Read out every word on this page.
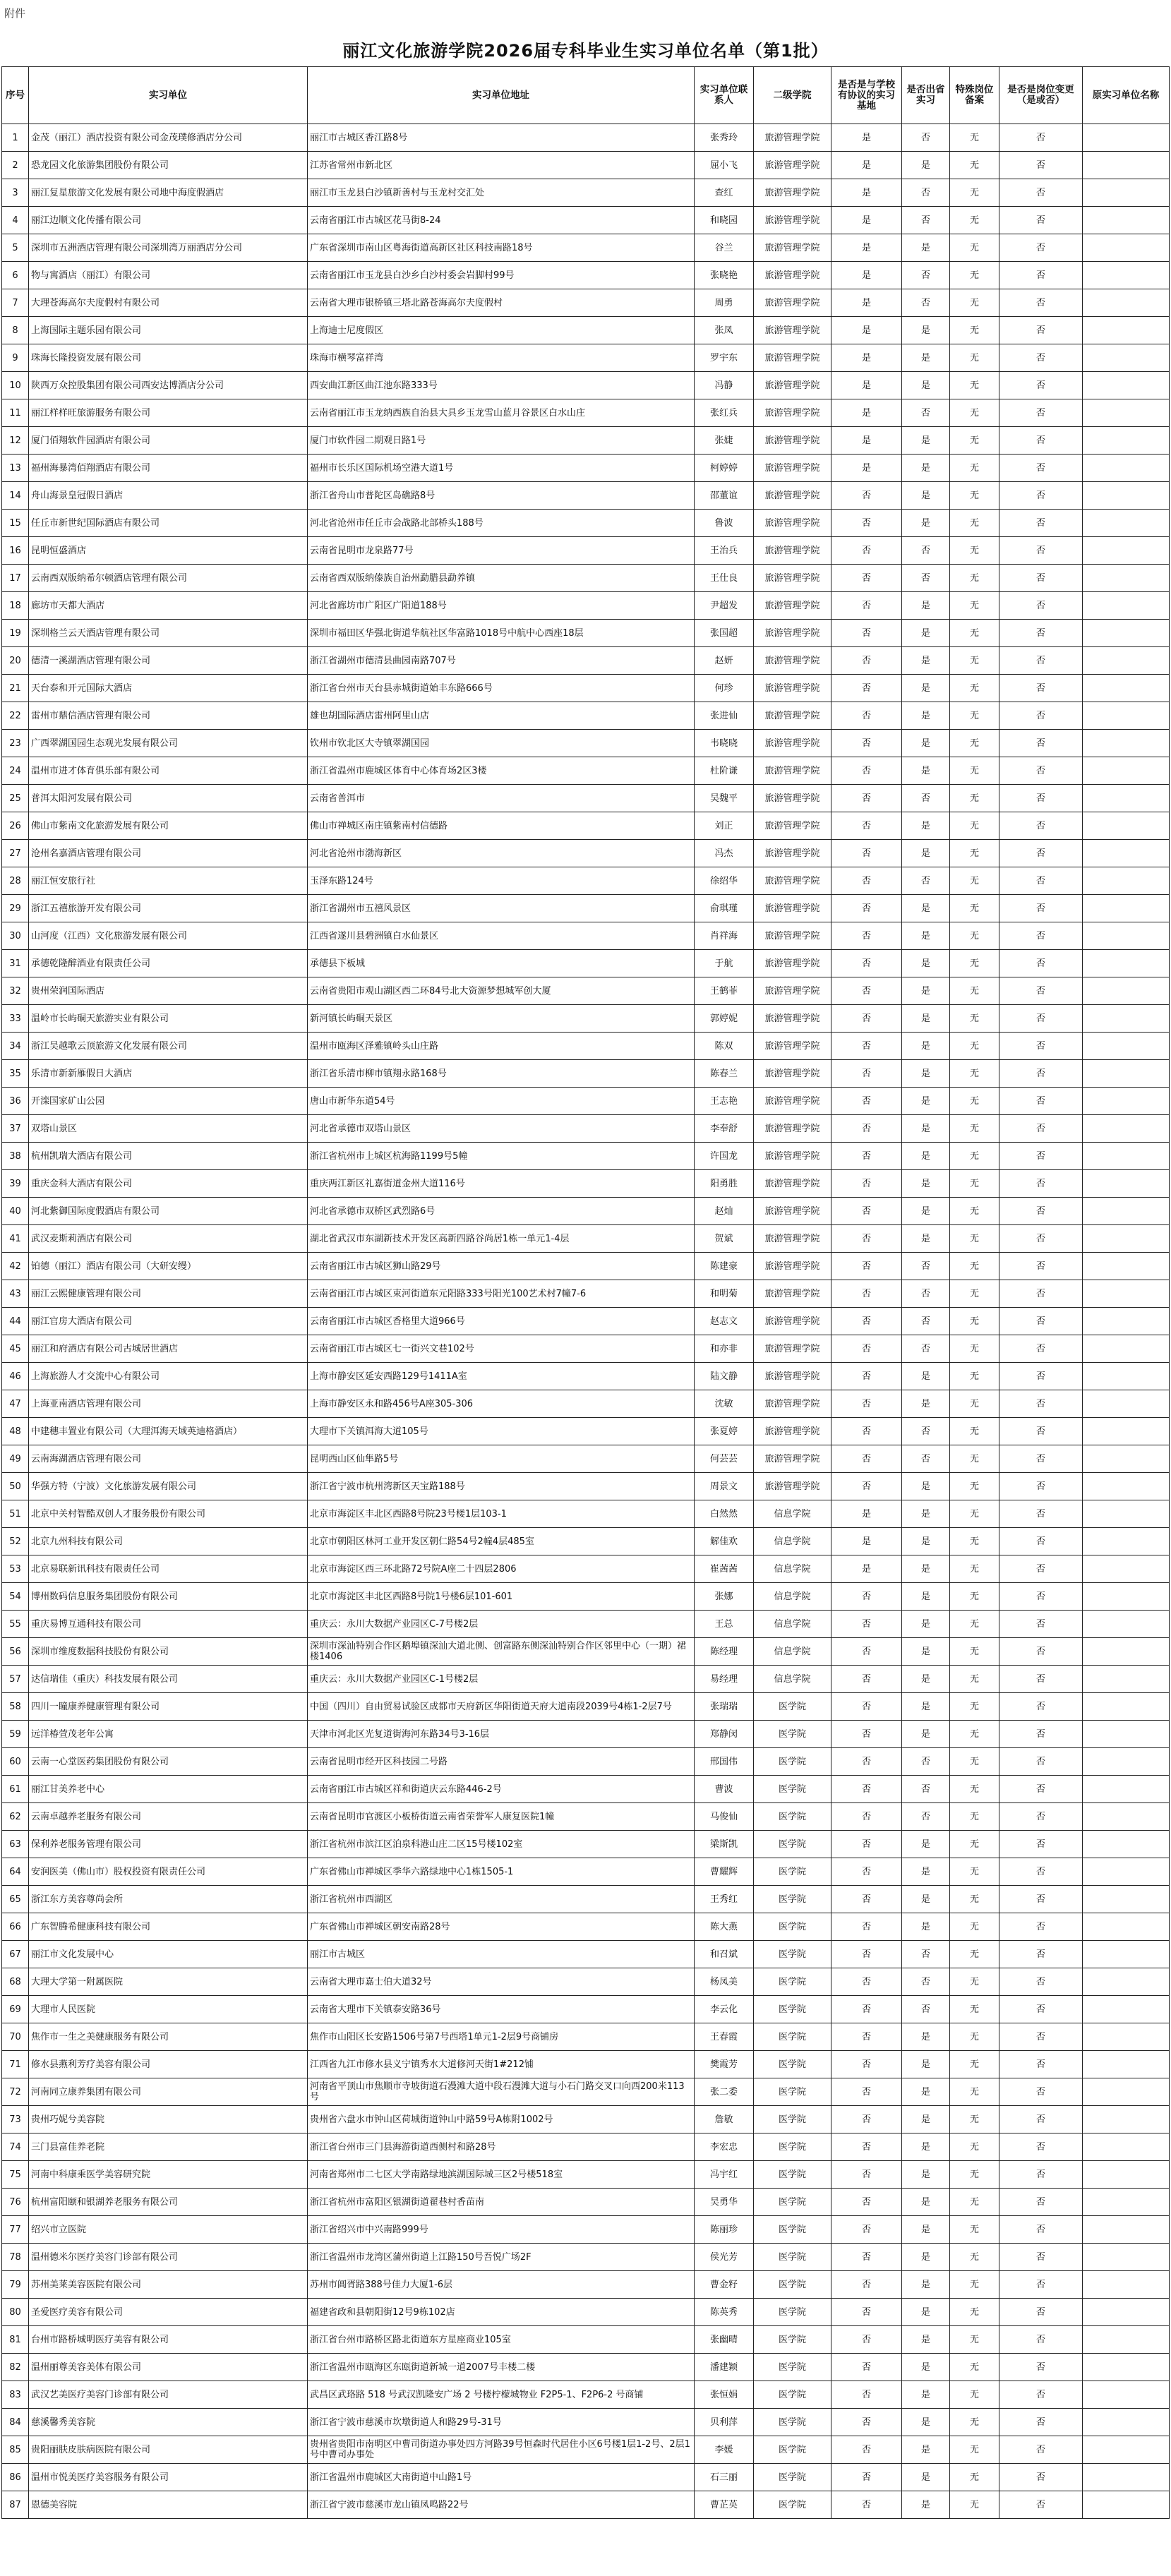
附件
丽江文化旅游学院2026届专科毕业生实习单位名单（第1批）
序号	实习单位	实习单位地址	实习单位联系人	二级学院	是否是与学校有协议的实习基地	是否出省实习	特殊岗位备案	是否是岗位变更（是或否）	原实习单位名称
1	金茂（丽江）酒店投资有限公司金茂璞修酒店分公司	丽江市古城区香江路8号	张秀玲	旅游管理学院	是	否	无	否	
2	恐龙园文化旅游集团股份有限公司	江苏省常州市新北区	屈小飞	旅游管理学院	是	是	无	否	
3	丽江复星旅游文化发展有限公司地中海度假酒店	丽江市玉龙县白沙镇新善村与玉龙村交汇处	查红	旅游管理学院	是	否	无	否	
4	丽江边顺文化传播有限公司	云南省丽江市古城区花马街8-24	和晓园	旅游管理学院	是	否	无	否	
5	深圳市五洲酒店管理有限公司深圳湾万丽酒店分公司	广东省深圳市南山区粤海街道高新区社区科技南路18号	谷兰	旅游管理学院	是	是	无	否	
6	物与寓酒店（丽江）有限公司	云南省丽江市玉龙县白沙乡白沙村委会岩脚村99号	张晓艳	旅游管理学院	是	否	无	否	
7	大理苍海高尔夫度假村有限公司	云南省大理市银桥镇三塔北路苍海高尔夫度假村	周勇	旅游管理学院	是	否	无	否	
8	上海国际主题乐园有限公司	上海迪士尼度假区	张凤	旅游管理学院	是	是	无	否	
9	珠海长隆投资发展有限公司	珠海市横琴富祥湾	罗宇东	旅游管理学院	是	是	无	否	
10	陕西万众控股集团有限公司西安达博酒店分公司	西安曲江新区曲江池东路333号	冯静	旅游管理学院	是	是	无	否	
11	丽江样样旺旅游服务有限公司	云南省丽江市玉龙纳西族自治县大具乡玉龙雪山蓝月谷景区白水山庄	张红兵	旅游管理学院	是	否	无	否	
12	厦门佰翔软件园酒店有限公司	厦门市软件园二期观日路1号	张婕	旅游管理学院	是	是	无	否	
13	福州海暴湾佰翔酒店有限公司	福州市长乐区国际机场空港大道1号	柯婷婷	旅游管理学院	是	是	无	否	
14	舟山海景皇冠假日酒店	浙江省舟山市普陀区岛礁路8号	邵董谊	旅游管理学院	否	是	无	否	
15	任丘市新世纪国际酒店有限公司	河北省沧州市任丘市会战路北部桥头188号	鲁波	旅游管理学院	否	是	无	否	
16	昆明恒盛酒店	云南省昆明市龙泉路77号	王治兵	旅游管理学院	否	否	无	否	
17	云南西双版纳希尔顿酒店管理有限公司	云南省西双版纳傣族自治州勐腊县勐养镇	王仕良	旅游管理学院	否	否	无	否	
18	廊坊市天都大酒店	河北省廊坊市广阳区广阳道188号	尹超发	旅游管理学院	否	是	无	否	
19	深圳格兰云天酒店管理有限公司	深圳市福田区华强北街道华航社区华富路1018号中航中心西座18层	张国超	旅游管理学院	否	是	无	否	
20	德清一溪湖酒店管理有限公司	浙江省湖州市德清县曲园南路707号	赵妍	旅游管理学院	否	是	无	否	
21	天台泰和开元国际大酒店	浙江省台州市天台县赤城街道始丰东路666号	何珍	旅游管理学院	否	是	无	否	
22	雷州市鼎信酒店管理有限公司	雄也胡国际酒店雷州阿里山店	张进仙	旅游管理学院	否	是	无	否	
23	广西翠湖国园生态观光发展有限公司	钦州市钦北区大寺镇翠湖国园	韦晓晓	旅游管理学院	否	是	无	否	
24	温州市进才体育俱乐部有限公司	浙江省温州市鹿城区体育中心体育场2区3楼	杜阶谦	旅游管理学院	否	是	无	否	
25	普洱太阳河发展有限公司	云南省普洱市	吴魏平	旅游管理学院	否	否	无	否	
26	佛山市紫南文化旅游发展有限公司	佛山市禅城区南庄镇紫南村信德路	刘正	旅游管理学院	否	是	无	否	
27	沧州名嘉酒店管理有限公司	河北省沧州市渤海新区	冯杰	旅游管理学院	否	是	无	否	
28	丽江恒安旅行社	玉泽东路124号	徐绍华	旅游管理学院	否	否	无	否	
29	浙江五禧旅游开发有限公司	浙江省湖州市五禧风景区	俞琪瑾	旅游管理学院	否	是	无	否	
30	山河度（江西）文化旅游发展有限公司	江西省遂川县碧洲镇白水仙景区	肖祥海	旅游管理学院	否	是	无	否	
31	承德乾隆醉酒业有限责任公司	承德县下板城	于航	旅游管理学院	否	是	无	否	
32	贵州荣润国际酒店	云南省贵阳市观山湖区西二环84号北大资源梦想城军创大厦	王鹤菲	旅游管理学院	否	是	无	否	
33	温岭市长屿硐天旅游实业有限公司	新河镇长屿硐天景区	郭婷妮	旅游管理学院	否	是	无	否	
34	浙江吴越歌云顶旅游文化发展有限公司	温州市瓯海区泽雅镇岭头山庄路	陈双	旅游管理学院	否	是	无	否	
35	乐清市新新雁假日大酒店	浙江省乐清市柳市镇翔永路168号	陈春兰	旅游管理学院	否	是	无	否	
36	开滦国家矿山公园	唐山市新华东道54号	王志艳	旅游管理学院	否	是	无	否	
37	双塔山景区	河北省承德市双塔山景区	李奉舒	旅游管理学院	否	是	无	否	
38	杭州凯瑞大酒店有限公司	浙江省杭州市上城区杭海路1199号5幢	许国龙	旅游管理学院	否	是	无	否	
39	重庆金科大酒店有限公司	重庆两江新区礼嘉街道金州大道116号	阳勇胜	旅游管理学院	否	是	无	否	
40	河北紫御国际度假酒店有限公司	河北省承德市双桥区武烈路6号	赵灿	旅游管理学院	否	是	无	否	
41	武汉麦斯莉酒店有限公司	湖北省武汉市东湖新技术开发区高新四路谷尚居1栋一单元1-4层	贺斌	旅游管理学院	否	是	无	否	
42	铂德（丽江）酒店有限公司（大研安缦）	云南省丽江市古城区狮山路29号	陈建豪	旅游管理学院	否	否	无	否	
43	丽江云熙健康管理有限公司	云南省丽江市古城区束河街道东元阳路333号阳光100艺术村7幢7-6	和明菊	旅游管理学院	否	否	无	否	
44	丽江官房大酒店有限公司	云南省丽江市古城区香格里大道966号	赵志文	旅游管理学院	否	否	无	否	
45	丽江和府酒店有限公司古城居世酒店	云南省丽江市古城区七一街兴文巷102号	和亦非	旅游管理学院	否	否	无	否	
46	上海旅游人才交流中心有限公司	上海市静安区延安西路129号1411A室	陆文静	旅游管理学院	否	是	无	否	
47	上海亚南酒店管理有限公司	上海市静安区永和路456号A座305-306	沈敏	旅游管理学院	否	是	无	否	
48	中建穗丰置业有限公司（大理洱海天域英迪格酒店）	大理市下关镇洱海大道105号	张夏婷	旅游管理学院	否	否	无	否	
49	云南海湖酒店管理有限公司	昆明西山区仙隼路5号	何芸芸	旅游管理学院	否	否	无	否	
50	华强方特（宁波）文化旅游发展有限公司	浙江省宁波市杭州湾新区天宝路188号	周景文	旅游管理学院	否	是	无	否	
51	北京中关村智酷双创人才服务股份有限公司	北京市海淀区丰北区西路8号院23号楼1层103-1	白然然	信息学院	是	是	无	否	
52	北京九州科技有限公司	北京市朝阳区林河工业开发区朝仁路54号2幢4层485室	解佳欢	信息学院	是	是	无	否	
53	北京易联新讯科技有限责任公司	北京市海淀区西三环北路72号院A座二十四层2806	崔茜茜	信息学院	是	是	无	否	
54	博州数码信息服务集团股份有限公司	北京市海淀区丰北区西路8号院1号楼6层101-601	张娜	信息学院	否	是	无	否	
55	重庆易博互通科技有限公司	重庆云：永川大数据产业园区C-7号楼2层	王总	信息学院	否	是	无	否	
56	深圳市维度数据科技股份有限公司	深圳市深汕特别合作区鹅埠镇深汕大道北侧、创富路东侧深汕特别合作区邻里中心（一期）裙楼1406	陈经理	信息学院	否	是	无	否	
57	达信瑞佳（重庆）科技发展有限公司	重庆云：永川大数据产业园区C-1号楼2层	易经理	信息学院	否	是	无	否	
58	四川一瞳康养健康管理有限公司	中国（四川）自由贸易试验区成都市天府新区华阳街道天府大道南段2039号4栋1-2层7号	张瑞瑞	医学院	否	是	无	否	
59	远洋椿萱茂老年公寓	天津市河北区光复道街海河东路34号3-16层	郑静闵	医学院	否	是	无	否	
60	云南一心堂医药集团股份有限公司	云南省昆明市经开区科技园二号路	邢国伟	医学院	否	否	无	否	
61	丽江甘美养老中心	云南省丽江市古城区祥和街道庆云东路446-2号	曹波	医学院	否	否	无	否	
62	云南卓越养老服务有限公司	云南省昆明市官渡区小板桥街道云南省荣誉军人康复医院1幢	马俊仙	医学院	否	否	无	否	
63	保利养老服务管理有限公司	浙江省杭州市滨江区泊泉科港山庄二区15号楼102室	梁斯凯	医学院	否	是	无	否	
64	安润医美（佛山市）股权投资有限责任公司	广东省佛山市禅城区季华六路绿地中心1栋1505-1	曹耀辉	医学院	否	是	无	否	
65	浙江东方美容尊尚会所	浙江省杭州市西湖区	王秀红	医学院	否	是	无	否	
66	广东智腾希健康科技有限公司	广东省佛山市禅城区朝安南路28号	陈大燕	医学院	否	是	无	否	
67	丽江市文化发展中心	丽江市古城区	和召斌	医学院	否	否	无	否	
68	大理大学第一附属医院	云南省大理市嘉士伯大道32号	杨凤美	医学院	否	否	无	否	
69	大理市人民医院	云南省大理市下关镇泰安路36号	李云化	医学院	否	否	无	否	
70	焦作市一生之美健康服务有限公司	焦作市山阳区长安路1506号第7号西塔1单元1-2层9号商铺房	王春霞	医学院	否	是	无	否	
71	修水县燕利芳疗美容有限公司	江西省九江市修水县义宁镇秀水大道修河天街1#212铺	樊霞芳	医学院	否	是	无	否	
72	河南同立康养集团有限公司	河南省平顶山市焦顺市寺坡街道石漫滩大道中段石漫滩大道与小石门路交叉口向西200米113号	张二委	医学院	否	是	无	否	
73	贵州巧妮兮美容院	贵州省六盘水市钟山区荷城街道钟山中路59号A栋附1002号	詹敏	医学院	否	是	无	否	
74	三门县富佳养老院	浙江省台州市三门县海游街道西侧村和路28号	李宏忠	医学院	否	是	无	否	
75	河南中科康乘医学美容研究院	河南省郑州市二七区大学南路绿地滨湖国际城三区2号楼518室	冯宇红	医学院	否	是	无	否	
76	杭州富阳颐和银湖养老服务有限公司	浙江省杭州市富阳区银湖街道翟巷村香苗南	吴勇华	医学院	否	是	无	否	
77	绍兴市立医院	浙江省绍兴市中兴南路999号	陈丽珍	医学院	否	是	无	否	
78	温州德米尔医疗美容门诊部有限公司	浙江省温州市龙湾区蒲州街道上江路150号吾悦广场2F	侯光芳	医学院	否	是	无	否	
79	苏州美莱美容医院有限公司	苏州市阊胥路388号佳力大厦1-6层	曹金籽	医学院	否	是	无	否	
80	圣爱医疗美容有限公司	福建省政和县朝阳街12号9栋102店	陈英秀	医学院	否	是	无	否	
81	台州市路桥城明医疗美容有限公司	浙江省台州市路桥区路北街道东方星座商业105室	张幽晴	医学院	否	是	无	否	
82	温州丽尊美容美体有限公司	浙江省温州市瓯海区东瓯街道新城一道2007号丰楼二楼	潘建颖	医学院	否	是	无	否	
83	武汉艺美医疗美容门诊部有限公司	武昌区武珞路 518 号武汉凯隆安广场 2 号楼柠檬城物业 F2P5-1、F2P6-2 号商铺	张恒娟	医学院	否	是	无	否	
84	慈溪馨秀美容院	浙江省宁波市慈溪市坎墩街道人和路29号-31号	贝利萍	医学院	否	是	无	否	
85	贵阳丽肤皮肤病医院有限公司	贵州省贵阳市南明区中曹司街道办事处四方河路39号恒森时代居住小区6号楼1层1-2号、2层1号中曹司办事处	李媛	医学院	否	是	无	否	
86	温州市悦美医疗美容服务有限公司	浙江省温州市鹿城区大南街道中山路1号	石三丽	医学院	否	是	无	否	
87	恩德美容院	浙江省宁波市慈溪市龙山镇凤鸣路22号	曹芷英	医学院	否	是	无	否	
